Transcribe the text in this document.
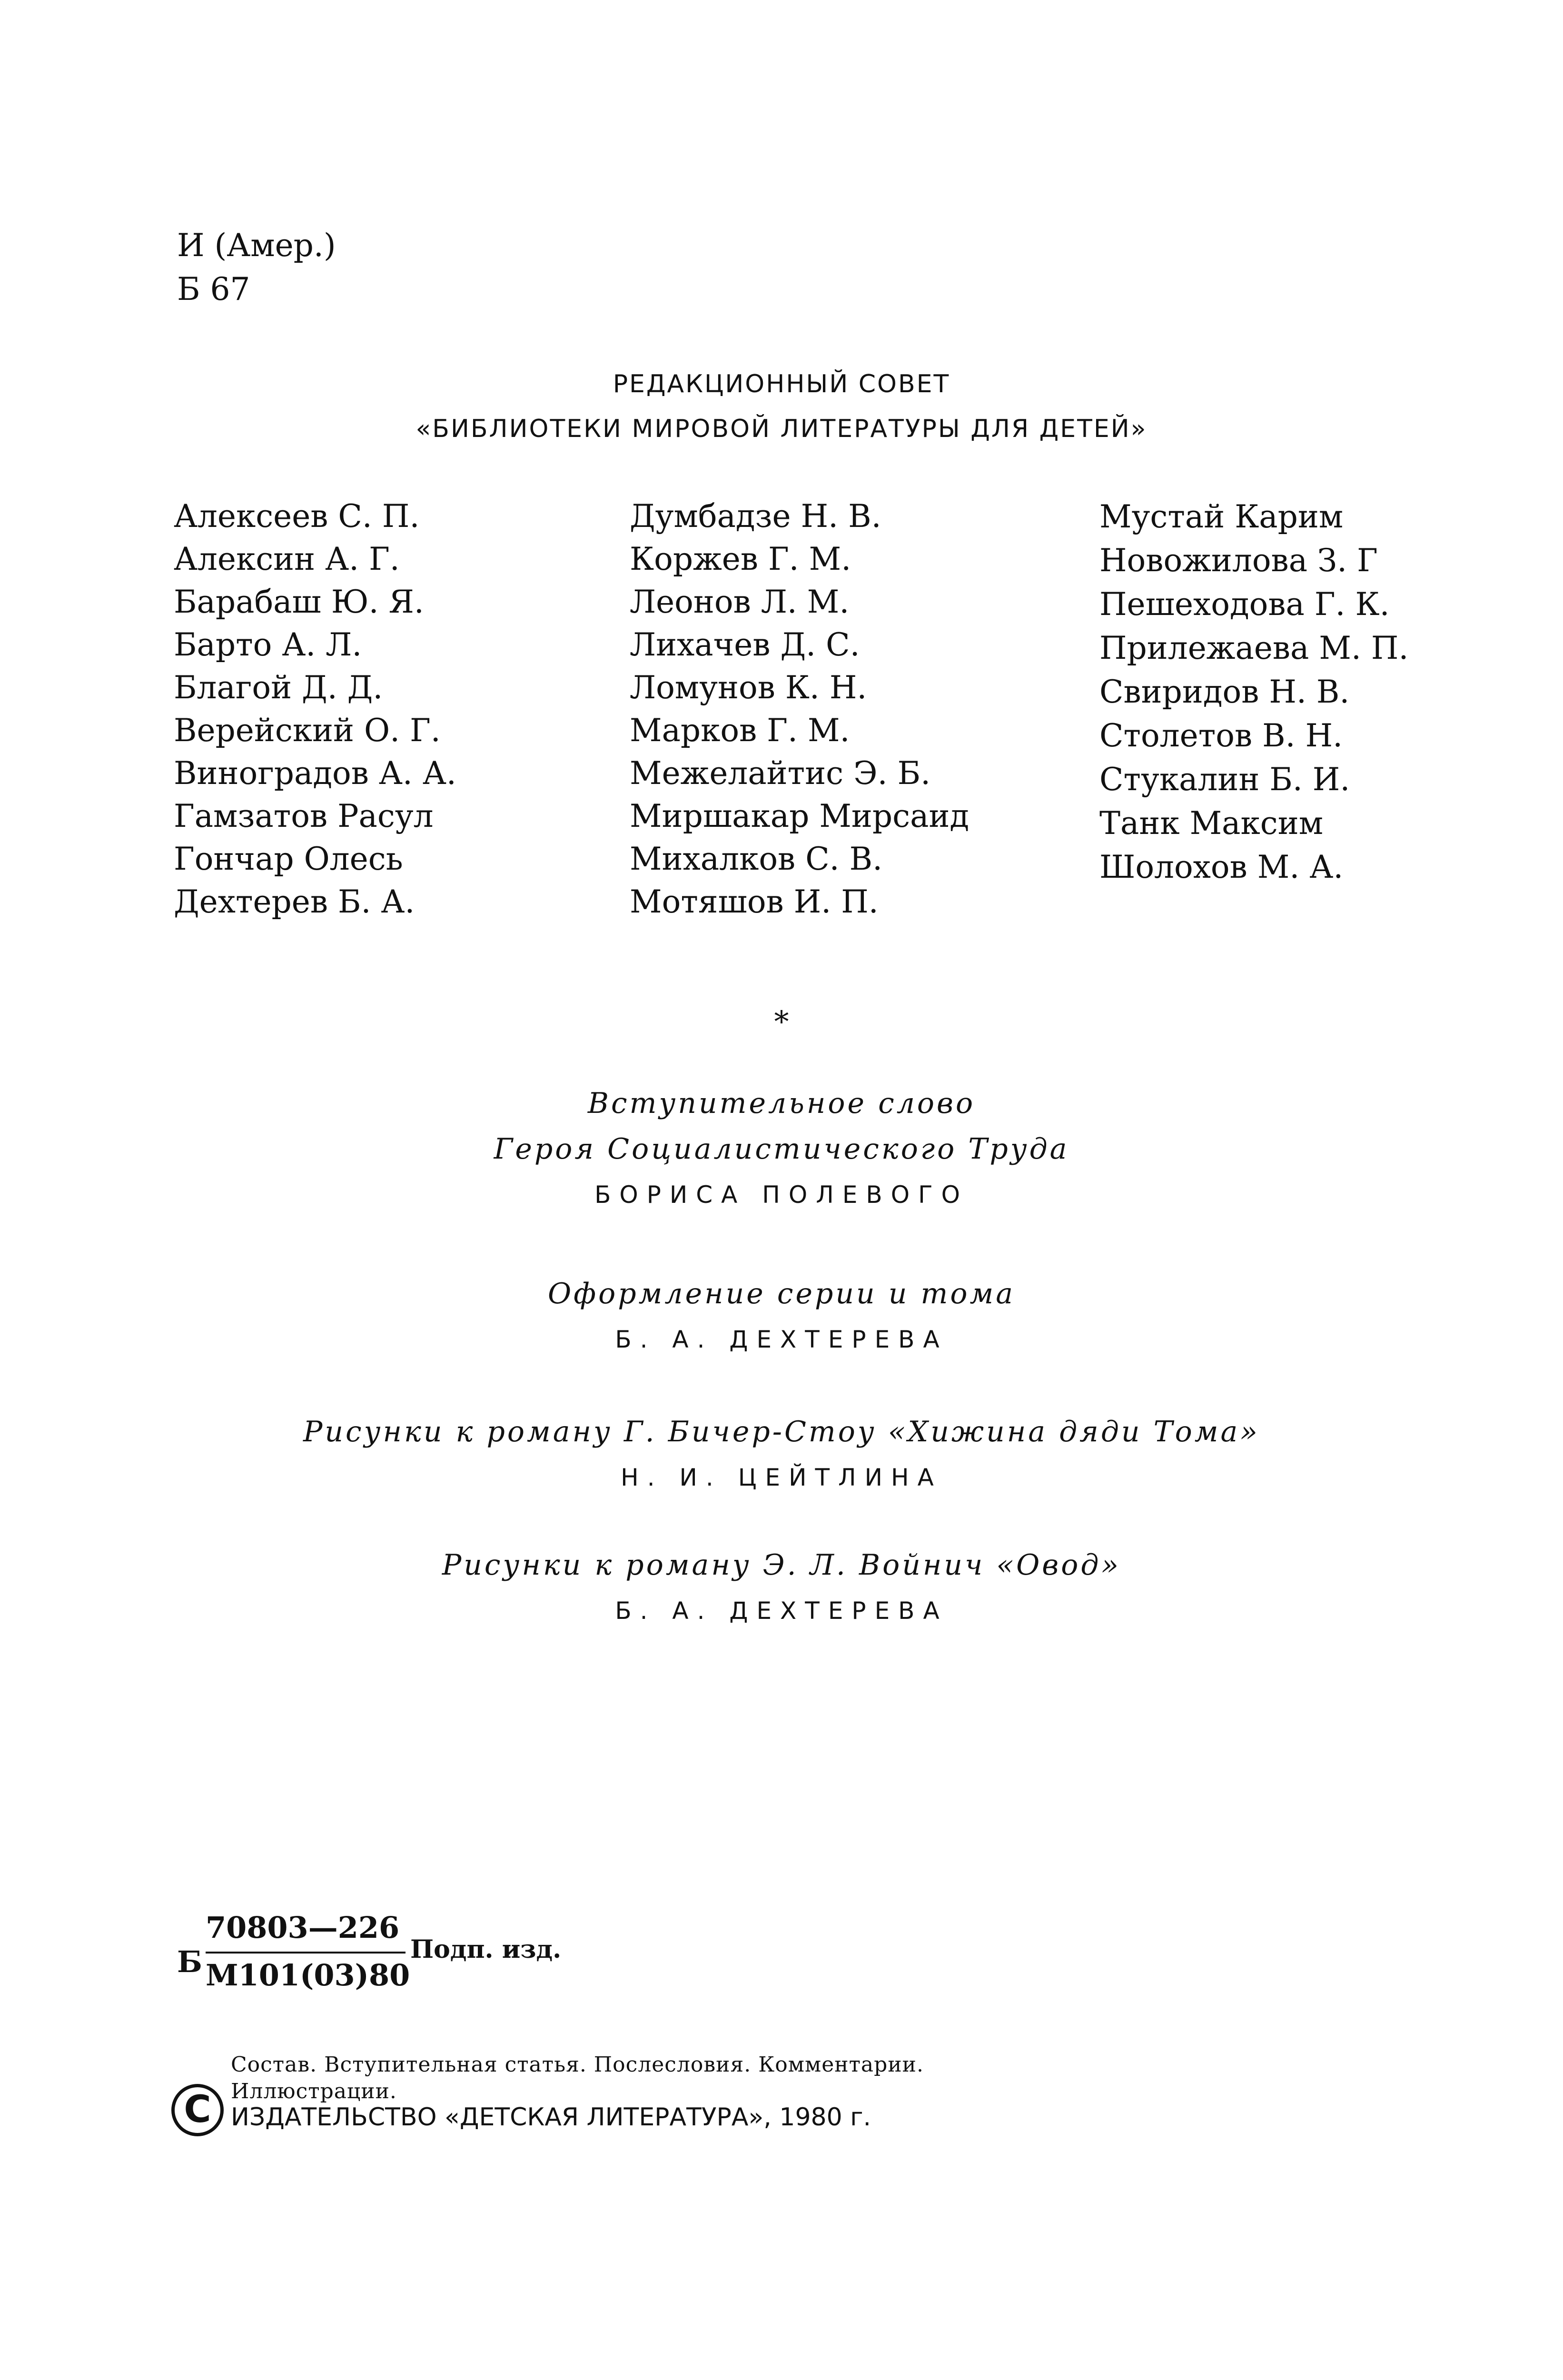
И (Амер.)
Б 67
РЕДАКЦИОННЫЙ СОВЕТ
«БИБЛИОТЕКИ МИРОВОЙ ЛИТЕРАТУРЫ ДЛЯ ДЕТЕЙ»
Алексеев С. П.
Алексин А. Г.
Барабаш Ю. Я.
Барто А. Л.
Благой Д. Д.
Верейский О. Г.
Виноградов А. А.
Гамзатов Расул
Гончар Олесь
Дехтерев Б. А.
Думбадзе Н. В.
Коржев Г. М.
Леонов Л. М.
Лихачев Д. С.
Ломунов К. Н.
Марков Г. М.
Межелайтис Э. Б.
Миршакар Мирсаид
Михалков С. В.
Мотяшов И. П.
Мустай Карим
Новожилова З. Г
Пешеходова Г. К.
Прилежаева М. П.
Свиридов Н. В.
Столетов В. Н.
Стукалин Б. И.
Танк Максим
Шолохов М. А.
*
Вступительное слово
Героя Социалистического Труда
БОРИСА ПОЛЕВОГО
Оформление серии и тома
Б. А. ДЕХТЕРЕВА
Рисунки к роману Г. Бичер-Стоу «Хижина дяди Тома»
Н. И. ЦЕЙТЛИНА
Рисунки к роману Э. Л. Войнич «Овод»
Б. А. ДЕХТЕРЕВА
Б
70803—226
М101(03)80
Подп. изд.
C
Состав. Вступительная статья. Послесловия. Комментарии. Иллюстрации.
ИЗДАТЕЛЬСТВО «ДЕТСКАЯ ЛИТЕРАТУРА», 1980 г.
